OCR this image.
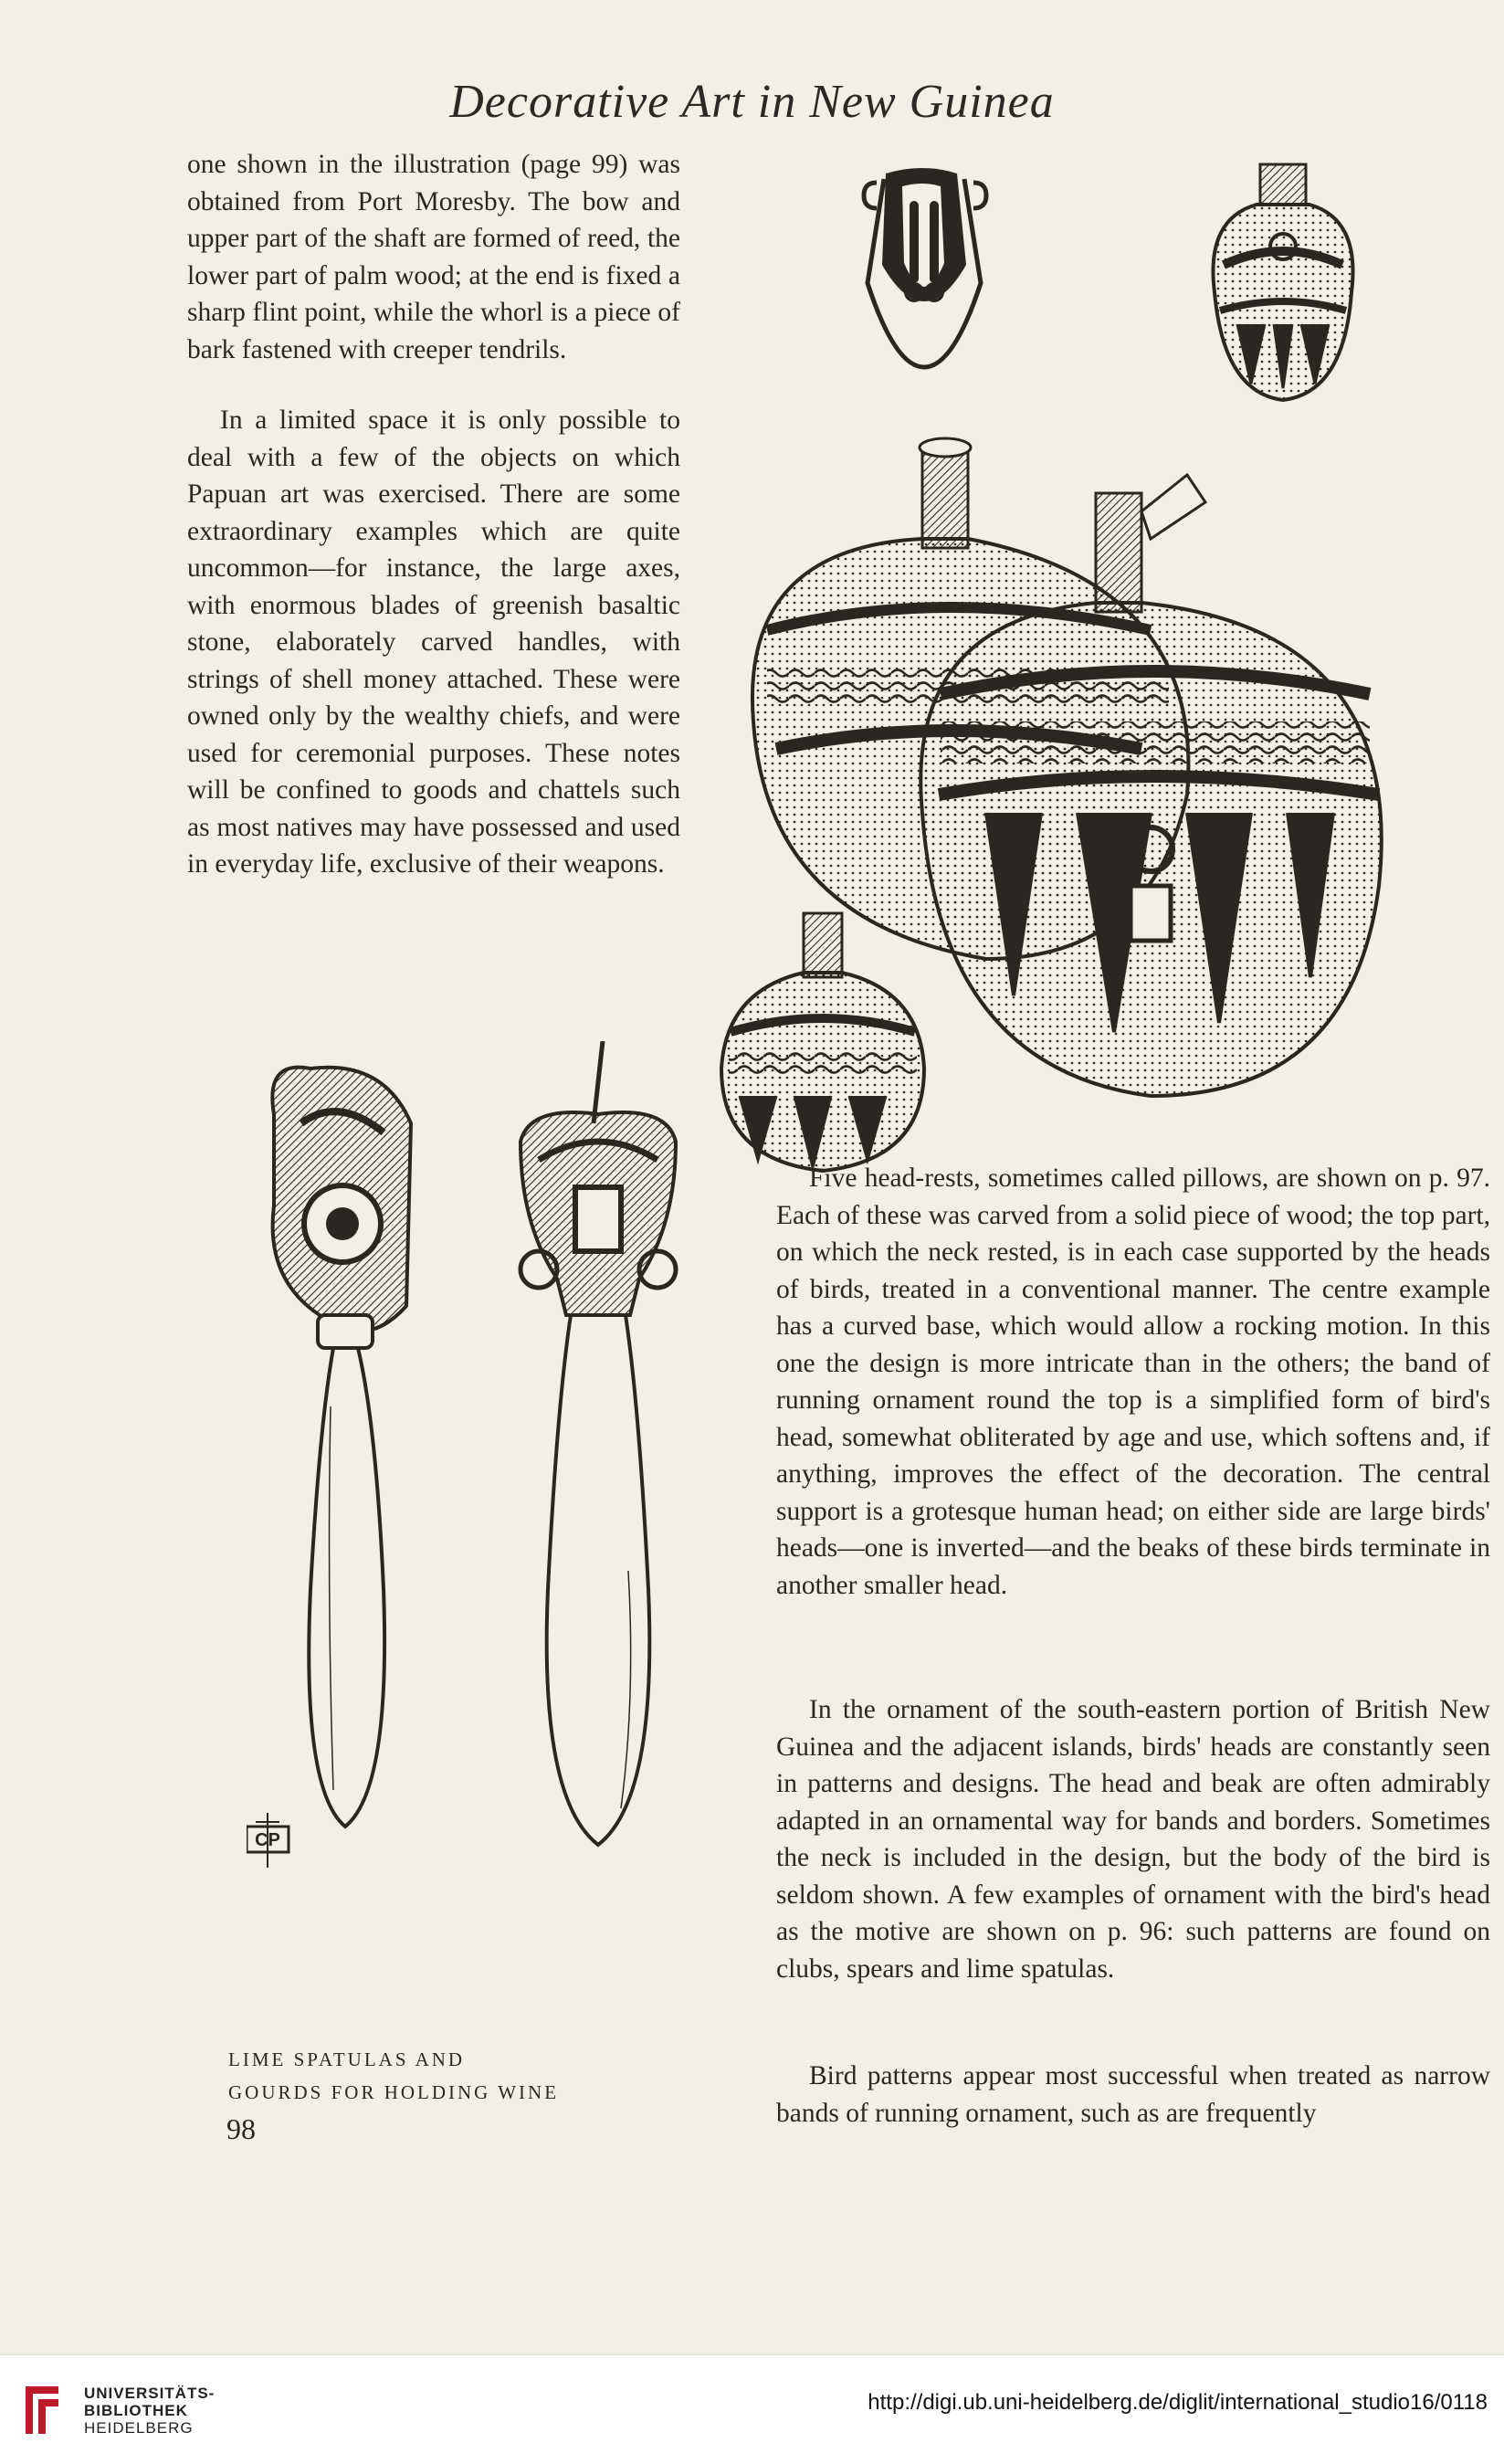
Decorative Art in New Guinea

one shown in the illustration (page 99) was obtained from Port Moresby. The bow and upper part of the shaft are formed of reed, the lower part of palm wood; at the end is fixed a sharp flint point, while the whorl is a piece of bark fastened with creeper tendrils.

In a limited space it is only possible to deal with a few of the objects on which Papuan art was exercised. There are some extraordinary examples which are quite uncommon—for instance, the large axes, with enormous blades of greenish basaltic stone, elaborately carved handles, with strings of shell money attached. These were owned only by the wealthy chiefs, and were used for ceremonial purposes. These notes will be confined to goods and chattels such as most natives may have possessed and used in everyday life, exclusive of their weapons.

CP

Five head-rests, sometimes called pillows, are shown on p. 97. Each of these was carved from a solid piece of wood; the top part, on which the neck rested, is in each case supported by the heads of birds, treated in a conventional manner. The centre example has a curved base, which would allow a rocking motion. In this one the design is more intricate than in the others; the band of running ornament round the top is a simplified form of bird's head, somewhat obliterated by age and use, which softens and, if anything, improves the effect of the decoration. The central support is a grotesque human head; on either side are large birds' heads—one is inverted—and the beaks of these birds terminate in another smaller head.

In the ornament of the south-eastern portion of British New Guinea and the adjacent islands, birds' heads are constantly seen in patterns and designs. The head and beak are often admirably adapted in an ornamental way for bands and borders. Sometimes the neck is included in the design, but the body of the bird is seldom shown. A few examples of ornament with the bird's head as the motive are shown on p. 96: such patterns are found on clubs, spears and lime spatulas.

Bird patterns appear most successful when treated as narrow bands of running ornament, such as are frequently

LIME SPATULAS AND
GOURDS FOR HOLDING WINE
98
UNIVERSITÄTS-
BIBLIOTHEK
HEIDELBERG
http://digi.ub.uni-heidelberg.de/diglit/international_studio16/0118
